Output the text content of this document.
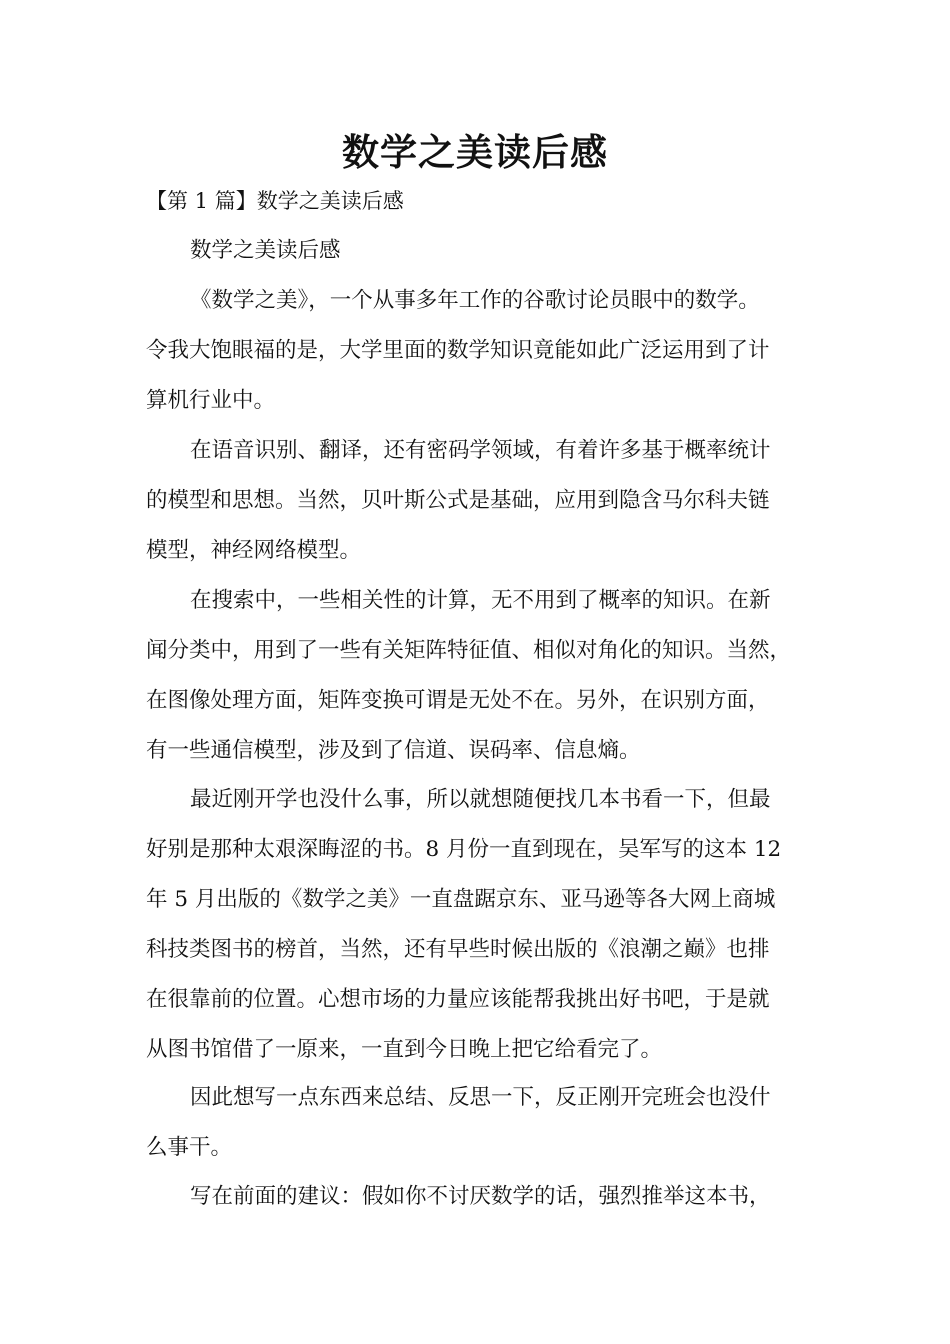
数学之美读后感

【第 1 篇】数学之美读后感

数学之美读后感
《数学之美》，一个从事多年工作的谷歌讨论员眼中的数学。
令我大饱眼福的是，大学里面的数学知识竟能如此广泛运用到了计
算机行业中。
在语音识别、翻译，还有密码学领域，有着许多基于概率统计
的模型和思想。当然，贝叶斯公式是基础，应用到隐含马尔科夫链
模型，神经网络模型。
在搜索中，一些相关性的计算，无不用到了概率的知识。在新
闻分类中，用到了一些有关矩阵特征值、相似对角化的知识。当然，
在图像处理方面，矩阵变换可谓是无处不在。另外，在识别方面，
有一些通信模型，涉及到了信道、误码率、信息熵。
最近刚开学也没什么事，所以就想随便找几本书看一下，但最
好别是那种太艰深晦涩的书。8 月份一直到现在，吴军写的这本 12
年 5 月出版的《数学之美》一直盘踞京东、亚马逊等各大网上商城
科技类图书的榜首，当然，还有早些时候出版的《浪潮之巅》也排
在很靠前的位置。心想市场的力量应该能帮我挑出好书吧，于是就
从图书馆借了一原来，一直到今日晚上把它给看完了。
因此想写一点东西来总结、反思一下，反正刚开完班会也没什
么事干。
写在前面的建议：假如你不讨厌数学的话，强烈推举这本书，
